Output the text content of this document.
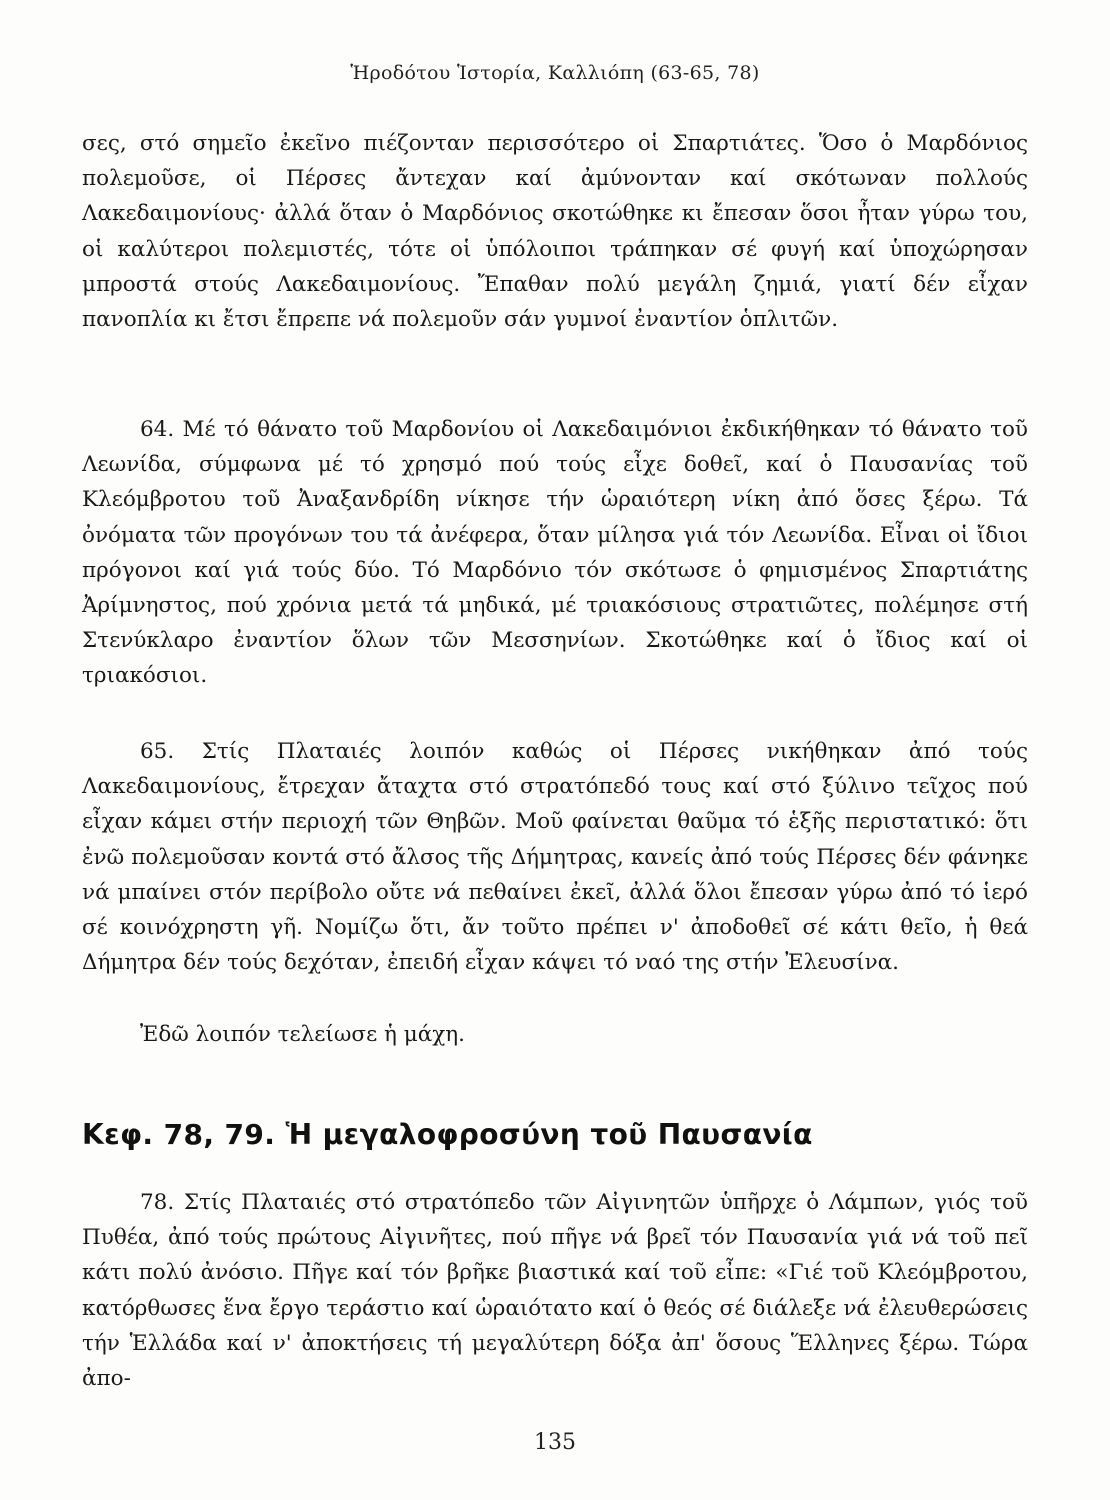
Ἡροδότου Ἱστορία, Καλλιόπη (63-65, 78)

σες, στό σημεῖο ἐκεῖνο πιέζονταν περισσότερο οἱ Σπαρτιάτες. Ὅσο ὁ Μαρδόνιος πολεμοῦσε, οἱ Πέρσες ἄντεχαν καί ἀμύνονταν καί σκότωναν πολλούς Λακεδαιμονίους· ἀλλά ὅταν ὁ Μαρδόνιος σκοτώθηκε κι ἔπεσαν ὅσοι ἦταν γύρω του, οἱ καλύτεροι πολεμιστές, τότε οἱ ὑπόλοιποι τράπηκαν σέ φυγή καί ὑποχώρησαν μπροστά στούς Λακεδαιμονίους. Ἔπαθαν πολύ μεγάλη ζημιά, γιατί δέν εἶχαν πανοπλία κι ἔτσι ἔπρεπε νά πολεμοῦν σάν γυμνοί ἐναντίον ὁπλιτῶν.

64. Μέ τό θάνατο τοῦ Μαρδονίου οἱ Λακεδαιμόνιοι ἐκδικήθηκαν τό θάνατο τοῦ Λεωνίδα, σύμφωνα μέ τό χρησμό πού τούς εἶχε δοθεῖ, καί ὁ Παυσανίας τοῦ Κλεόμβροτου τοῦ Ἀναξανδρίδη νίκησε τήν ὡραιότερη νίκη ἀπό ὅσες ξέρω. Τά ὀνόματα τῶν προγόνων του τά ἀνέφερα, ὅταν μίλησα γιά τόν Λεωνίδα. Εἶναι οἱ ἴδιοι πρόγονοι καί γιά τούς δύο. Τό Μαρδόνιο τόν σκότωσε ὁ φημισμένος Σπαρτιάτης Ἀρίμνηστος, πού χρόνια μετά τά μηδικά, μέ τριακόσιους στρατιῶτες, πολέμησε στή Στενύκλαρο ἐναντίον ὅλων τῶν Μεσσηνίων. Σκοτώθηκε καί ὁ ἴδιος καί οἱ τριακόσιοι.

65. Στίς Πλαταιές λοιπόν καθώς οἱ Πέρσες νικήθηκαν ἀπό τούς Λακεδαιμονίους, ἔτρεχαν ἄταχτα στό στρατόπεδό τους καί στό ξύλινο τεῖχος πού εἶχαν κάμει στήν περιοχή τῶν Θηβῶν. Μοῦ φαίνεται θαῦμα τό ἑξῆς περιστατικό: ὅτι ἐνῶ πολεμοῦσαν κοντά στό ἄλσος τῆς Δήμητρας, κανείς ἀπό τούς Πέρσες δέν φάνηκε νά μπαίνει στόν περίβολο οὔτε νά πεθαίνει ἐκεῖ, ἀλλά ὅλοι ἔπεσαν γύρω ἀπό τό ἱερό σέ κοινόχρηστη γῆ. Νομίζω ὅτι, ἄν τοῦτο πρέπει ν' ἀποδοθεῖ σέ κάτι θεῖο, ἡ θεά Δήμητρα δέν τούς δεχόταν, ἐπειδή εἶχαν κάψει τό ναό της στήν Ἐλευσίνα.

Ἐδῶ λοιπόν τελείωσε ἡ μάχη.

Κεφ. 78, 79. Ἡ μεγαλοφροσύνη τοῦ Παυσανία

78. Στίς Πλαταιές στό στρατόπεδο τῶν Αἰγινητῶν ὑπῆρχε ὁ Λάμπων, γιός τοῦ Πυθέα, ἀπό τούς πρώτους Αἰγινῆτες, πού πῆγε νά βρεῖ τόν Παυσανία γιά νά τοῦ πεῖ κάτι πολύ ἀνόσιο. Πῆγε καί τόν βρῆκε βιαστικά καί τοῦ εἶπε: «Γιέ τοῦ Κλεόμβροτου, κατόρθωσες ἕνα ἔργο τεράστιο καί ὡραιότατο καί ὁ θεός σέ διάλεξε νά ἐλευθερώσεις τήν Ἑλλάδα καί ν' ἀποκτήσεις τή μεγαλύτερη δόξα ἀπ' ὅσους Ἕλληνες ξέρω. Τώρα ἀπο-

135
